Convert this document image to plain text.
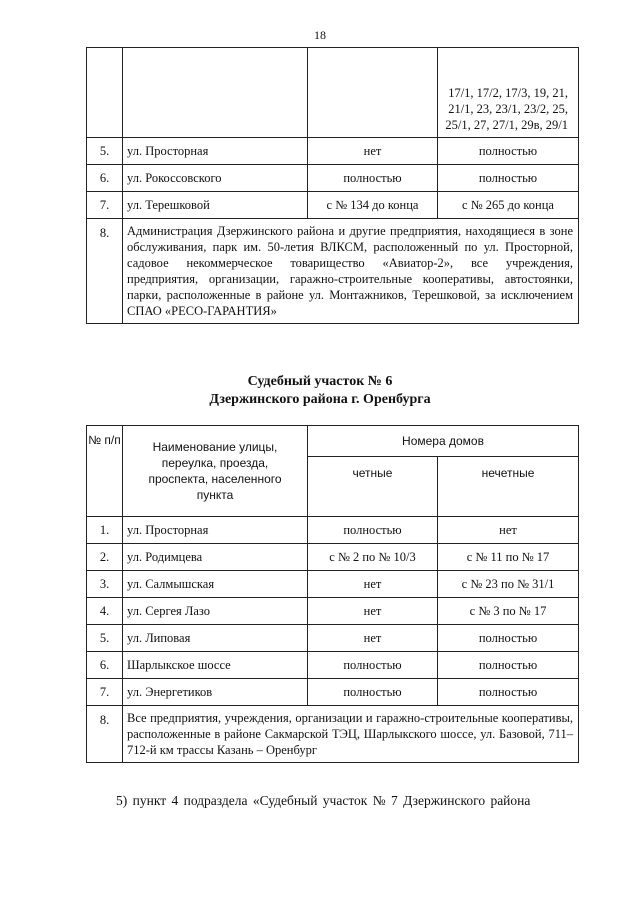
18
			17/1, 17/2, 17/3, 19, 21, 21/1, 23, 23/1, 23/2, 25, 25/1, 27, 27/1, 29в, 29/1
5.	ул. Просторная	нет	полностью
6.	ул. Рокоссовского	полностью	полностью
7.	ул. Терешковой	с № 134 до конца	с № 265 до конца
8.	Администрация Дзержинского района и другие предприятия, находящиеся в зоне обслуживания, парк им. 50-летия ВЛКСМ, расположенный по ул. Просторной, садовое некоммерческое товарищество «Авиатор-2», все учреждения, предприятия, организации, гаражно-строительные кооперативы, автостоянки, парки, расположенные в районе ул. Монтажников, Терешковой, за исключением СПАО «РЕСО-ГАРАНТИЯ»		
Судебный участок № 6
Дзержинского района г. Оренбурга
№ п/п	Наименование улицы, переулка, проезда, проспекта, населенного пункта	Номера домов	
		четные	нечетные
1.	ул. Просторная	полностью	нет
2.	ул. Родимцева	с № 2 по № 10/3	с № 11 по № 17
3.	ул. Салмышская	нет	с № 23 по № 31/1
4.	ул. Сергея Лазо	нет	с № 3 по № 17
5.	ул. Липовая	нет	полностью
6.	Шарлыкское шоссе	полностью	полностью
7.	ул. Энергетиков	полностью	полностью
8.	Все предприятия, учреждения, организации и гаражно-строительные кооперативы, расположенные в районе Сакмарской ТЭЦ, Шарлыкского шоссе, ул. Базовой, 711–712-й км трассы Казань – Оренбург		
5) пункт 4 подраздела «Судебный участок № 7 Дзержинского района
